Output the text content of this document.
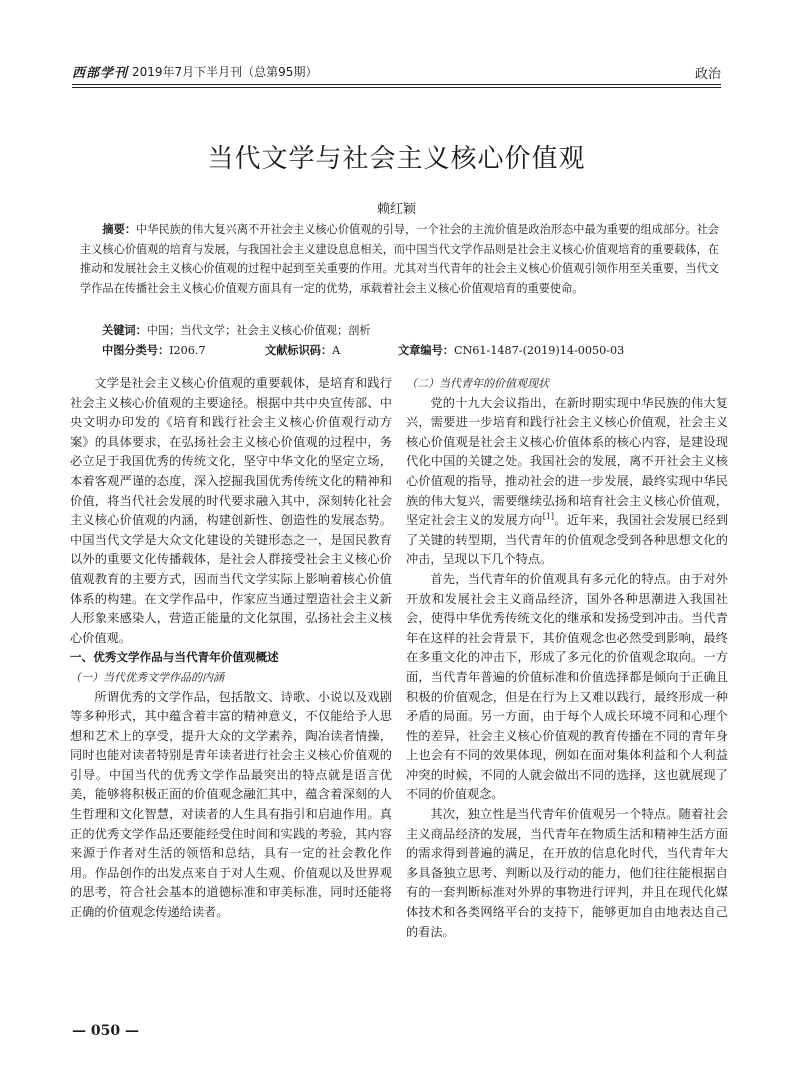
西部学刊 2019年7月下半月刊（总第95期）	政治
当代文学与社会主义核心价值观
赖红颖
摘要：中华民族的伟大复兴离不开社会主义核心价值观的引导，一个社会的主流价值是政治形态中最为重要的组成部分。社会主义核心价值观的培育与发展，与我国社会主义建设息息相关，而中国当代文学作品则是社会主义核心价值观培育的重要载体，在推动和发展社会主义核心价值观的过程中起到至关重要的作用。尤其对当代青年的社会主义核心价值观引领作用至关重要，当代文学作品在传播社会主义核心价值观方面具有一定的优势，承载着社会主义核心价值观培育的重要使命。
关键词：中国；当代文学；社会主义核心价值观；剖析
中图分类号：I206.7	文献标识码：A	文章编号：CN61-1487-(2019)14-0050-03

文学是社会主义核心价值观的重要载体，是培育和践行社会主义核心价值观的主要途径。根据中共中央宣传部、中央文明办印发的《培育和践行社会主义核心价值观行动方案》的具体要求，在弘扬社会主义核心价值观的过程中，务必立足于我国优秀的传统文化，坚守中华文化的坚定立场，本着客观严谨的态度，深入挖掘我国优秀传统文化的精神和价值，将当代社会发展的时代要求融入其中，深刻转化社会主义核心价值观的内涵，构建创新性、创造性的发展态势。中国当代文学是大众文化建设的关键形态之一，是国民教育以外的重要文化传播载体，是社会人群接受社会主义核心价值观教育的主要方式，因而当代文学实际上影响着核心价值体系的构建。在文学作品中，作家应当通过塑造社会主义新人形象来感染人，营造正能量的文化氛围，弘扬社会主义核心价值观。

一、优秀文学作品与当代青年价值观概述
（一）当代优秀文学作品的内涵

所谓优秀的文学作品，包括散文、诗歌、小说以及戏剧等多种形式，其中蕴含着丰富的精神意义，不仅能给予人思想和艺术上的享受，提升大众的文学素养，陶冶读者情操，同时也能对读者特别是青年读者进行社会主义核心价值观的引导。中国当代的优秀文学作品最突出的特点就是语言优美，能够将积极正面的价值观念融汇其中，蕴含着深刻的人生哲理和文化智慧，对读者的人生具有指引和启迪作用。真正的优秀文学作品还要能经受住时间和实践的考验，其内容来源于作者对生活的领悟和总结，具有一定的社会教化作用。作品创作的出发点来自于对人生观、价值观以及世界观的思考，符合社会基本的道德标准和审美标准，同时还能将正确的价值观念传递给读者。

（二）当代青年的价值观现状

党的十九大会议指出，在新时期实现中华民族的伟大复兴，需要进一步培育和践行社会主义核心价值观，社会主义核心价值观是社会主义核心价值体系的核心内容，是建设现代化中国的关键之处。我国社会的发展，离不开社会主义核心价值观的指导，推动社会的进一步发展，最终实现中华民族的伟大复兴，需要继续弘扬和培育社会主义核心价值观，坚定社会主义的发展方向[1]。近年来，我国社会发展已经到了关键的转型期，当代青年的价值观念受到各种思想文化的冲击，呈现以下几个特点。

首先，当代青年的价值观具有多元化的特点。由于对外开放和发展社会主义商品经济，国外各种思潮进入我国社会，使得中华优秀传统文化的继承和发扬受到冲击。当代青年在这样的社会背景下，其价值观念也必然受到影响，最终在多重文化的冲击下，形成了多元化的价值观念取向。一方面，当代青年普遍的价值标准和价值选择都是倾向于正确且积极的价值观念，但是在行为上又难以践行，最终形成一种矛盾的局面。另一方面，由于每个人成长环境不同和心理个性的差异，社会主义核心价值观的教育传播在不同的青年身上也会有不同的效果体现，例如在面对集体利益和个人利益冲突的时候，不同的人就会做出不同的选择，这也就展现了不同的价值观念。

其次，独立性是当代青年价值观另一个特点。随着社会主义商品经济的发展，当代青年在物质生活和精神生活方面的需求得到普遍的满足，在开放的信息化时代，当代青年大多具备独立思考、判断以及行动的能力，他们往往能根据自有的一套判断标准对外界的事物进行评判，并且在现代化媒体技术和各类网络平台的支持下，能够更加自由地表达自己的看法。

— 050 —
